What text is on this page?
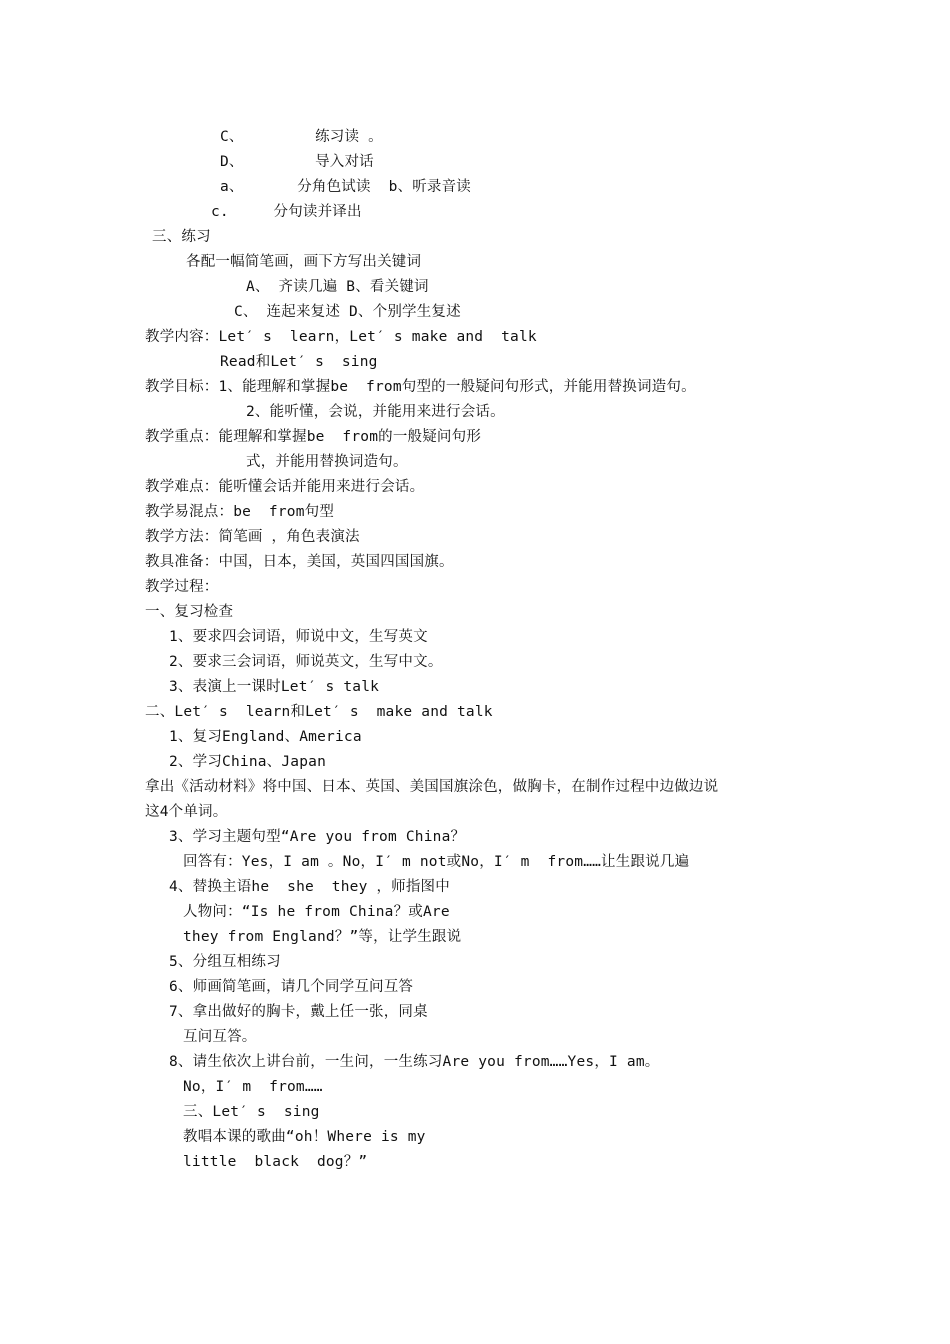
C、        练习读 。
D、        导入对话
a、      分角色试读  b、听录音读
c.     分句读并译出
三、练习
各配一幅简笔画，画下方写出关键词
A、 齐读几遍 B、看关键词
C、 连起来复述 D、个别学生复述
教学内容：Let′ s  learn，Let′ s make and  talk
Read和Let′ s  sing
教学目标：1、能理解和掌握be  from句型的一般疑问句形式，并能用替换词造句。
2、能听懂，会说，并能用来进行会话。
教学重点：能理解和掌握be  from的一般疑问句形
式，并能用替换词造句。
教学难点：能听懂会话并能用来进行会话。
教学易混点：be  from句型
教学方法：简笔画 ，角色表演法
教具准备：中国，日本，美国，英国四国国旗。
教学过程：
一、复习检查
1、要求四会词语，师说中文，生写英文
2、要求三会词语，师说英文，生写中文。
3、表演上一课时Let′ s talk
二、Let′ s  learn和Let′ s  make and talk
1、复习England、America
2、学习China、Japan
拿出《活动材料》将中国、日本、英国、美国国旗涂色，做胸卡，在制作过程中边做边说
这4个单词。
3、学习主题句型“Are you from China？
回答有：Yes，I am 。No，I′ m not或No，I′ m  from……让生跟说几遍
4、替换主语he  she  they ，师指图中
人物问：“Is he from China？或Are
they from England？”等，让学生跟说
5、分组互相练习
6、师画简笔画，请几个同学互问互答
7、拿出做好的胸卡，戴上任一张，同桌
互问互答。
8、请生依次上讲台前，一生问，一生练习Are you from……Yes，I am。
No，I′ m  from……
三、Let′ s  sing
教唱本课的歌曲“oh！Where is my
little  black  dog？”
